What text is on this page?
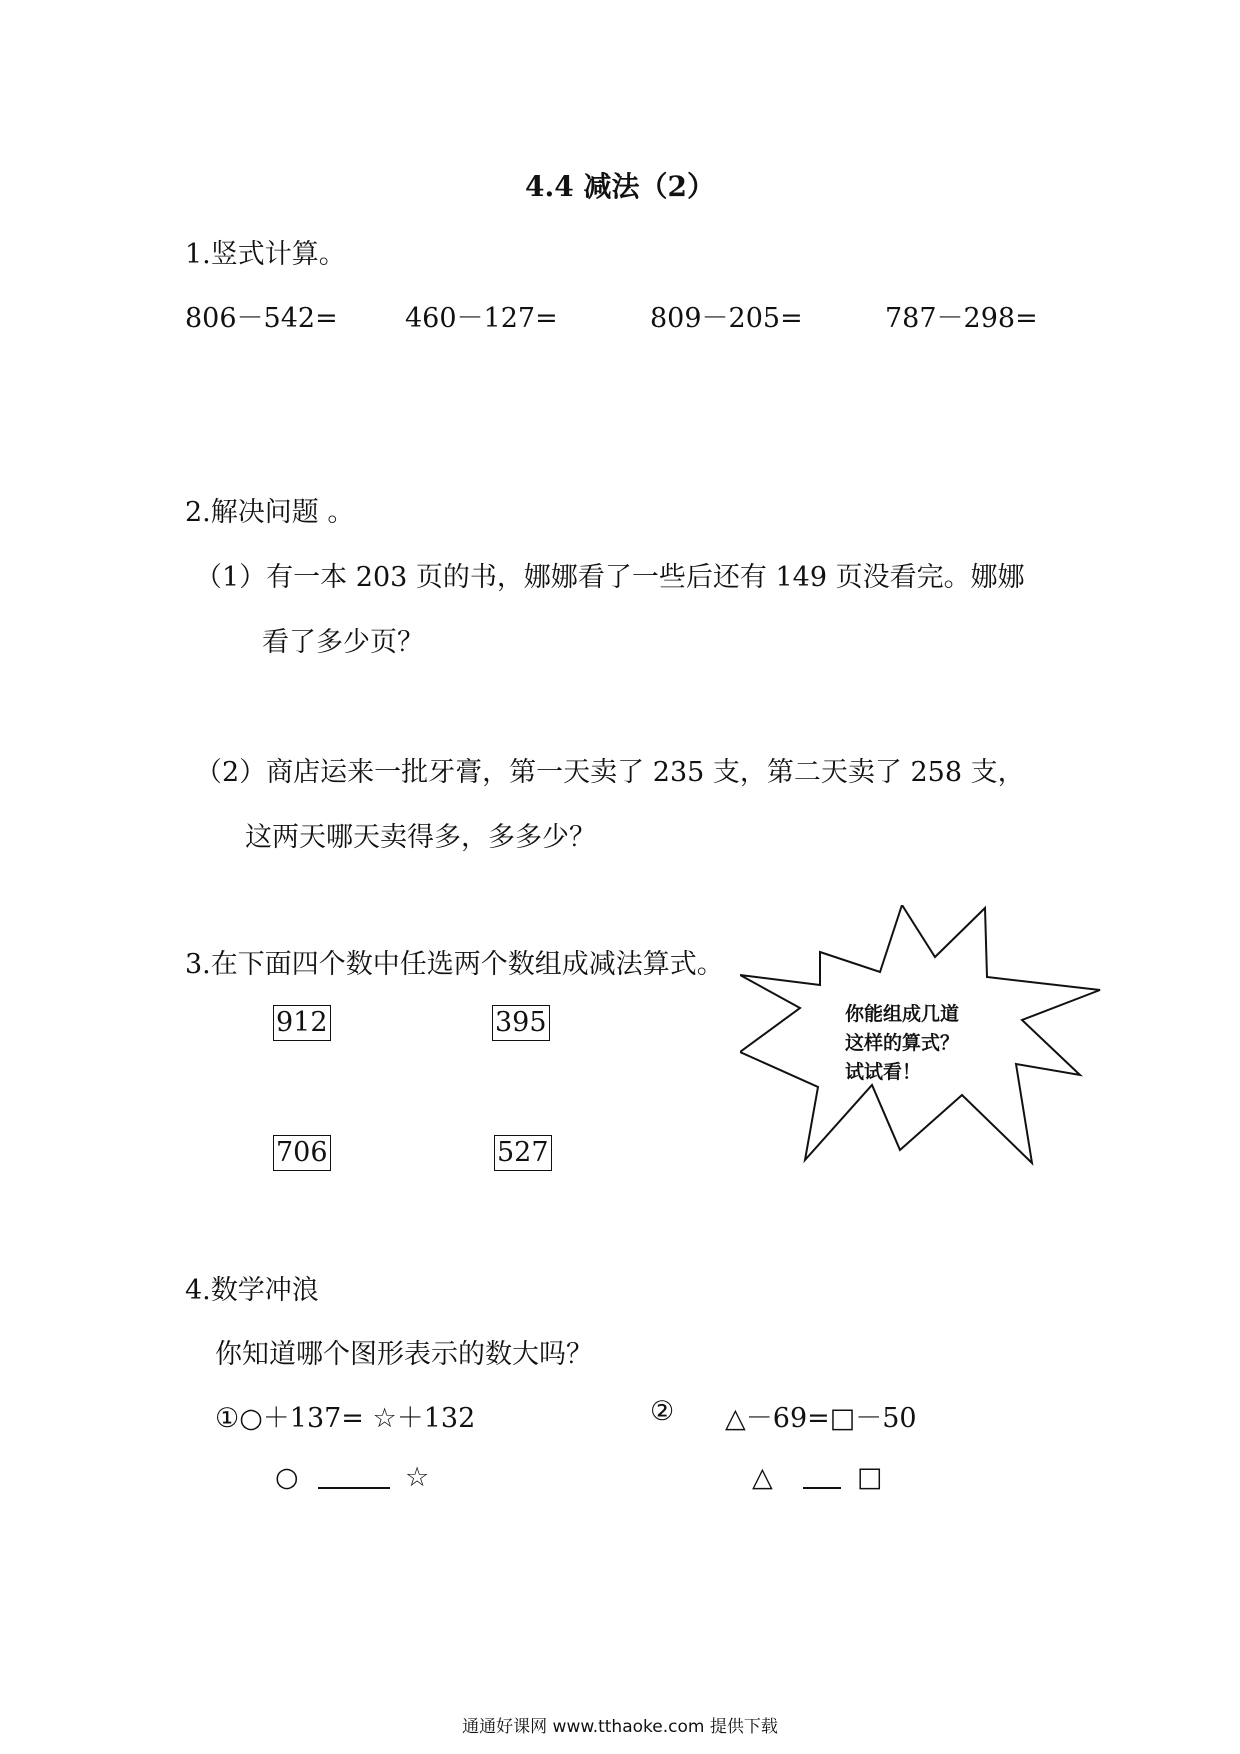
4.4 减法（2）
1.竖式计算。
806－542= 460－127=	809－205=	787－298=
2.解决问题 。
（1）有一本 203 页的书，娜娜看了一些后还有 149 页没看完。娜娜
看了多少页？
（2）商店运来一批牙膏，第一天卖了 235 支，第二天卖了 258 支，
这两天哪天卖得多，多多少？
3.在下面四个数中任选两个数组成减法算式。
912	395
706	527
你能组成几道
这样的算式？
试试看！
4.数学冲浪
你知道哪个图形表示的数大吗？
①○＋137= ☆＋132	② △－69=□－50
○	☆	△	□
通通好课网 www.tthaoke.com 提供下载
